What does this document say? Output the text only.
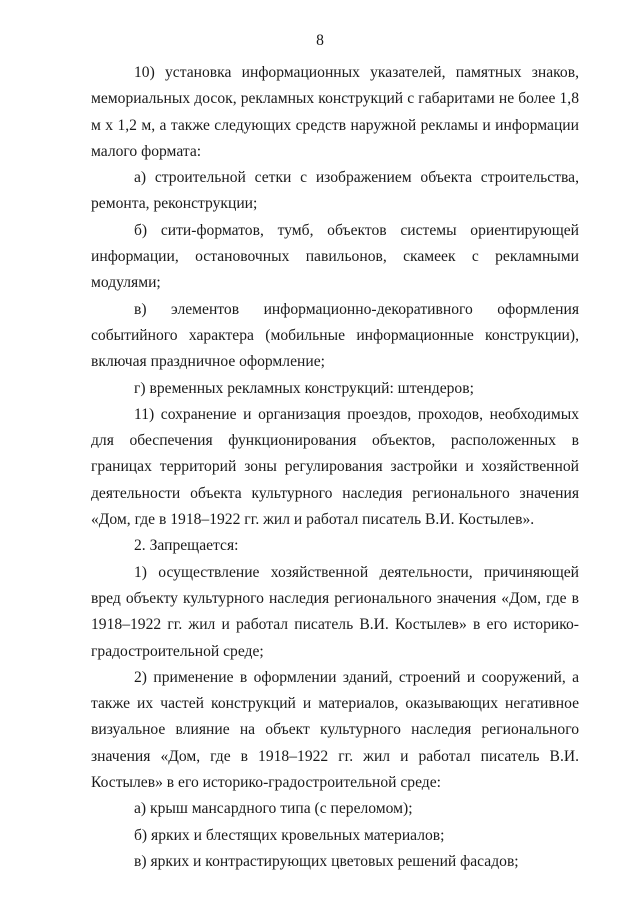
8

10) установка информационных указателей, памятных знаков, мемориальных досок, рекламных конструкций с габаритами не более 1,8 м х 1,2 м, а также следующих средств наружной рекламы и информации малого формата:

а) строительной сетки с изображением объекта строительства, ремонта, реконструкции;

б) сити-форматов, тумб, объектов системы ориентирующей информации, остановочных павильонов, скамеек с рекламными модулями;

в) элементов информационно-декоративного оформления событийного характера (мобильные информационные конструкции), включая праздничное оформление;

г) временных рекламных конструкций: штендеров;

11) сохранение и организация проездов, проходов, необходимых для обеспечения функционирования объектов, расположенных в границах территорий зоны регулирования застройки и хозяйственной деятельности объекта культурного наследия регионального значения «Дом, где в 1918–1922 гг. жил и работал писатель В.И. Костылев».

2. Запрещается:

1) осуществление хозяйственной деятельности, причиняющей вред объекту культурного наследия регионального значения «Дом, где в 1918–1922 гг. жил и работал писатель В.И. Костылев» в его историко-градостроительной среде;

2) применение в оформлении зданий, строений и сооружений, а также их частей конструкций и материалов, оказывающих негативное визуальное влияние на объект культурного наследия регионального значения «Дом, где в 1918–1922 гг. жил и работал писатель В.И. Костылев» в его историко-градостроительной среде:

а) крыш мансардного типа (с переломом);

б) ярких и блестящих кровельных материалов;

в) ярких и контрастирующих цветовых решений фасадов;
